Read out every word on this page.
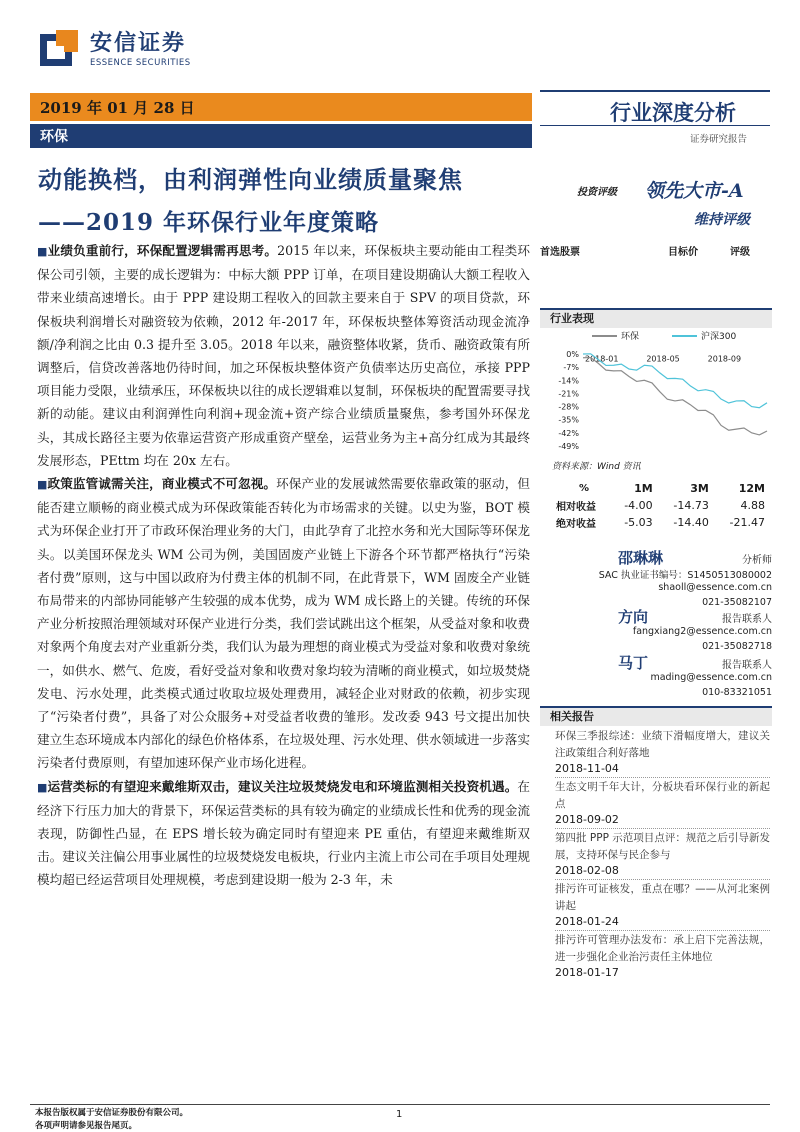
安信证券
ESSENCE SECURITIES
2019 年 01 月 28 日
环保
行业深度分析
证券研究报告
动能换档，由利润弹性向业绩质量聚焦
——2019 年环保行业年度策略
投资评级 领先大市-A
维持评级
首选股票	目标价	评级
行业表现
环保	沪深300
0%
-7%
-14%
-21%
-28%
-35%
-42%
-49%
2018-01	2018-05	2018-09
资料来源：Wind 资讯
%	1M	3M	12M
相对收益	-4.00	-14.73	4.88
绝对收益	-5.03	-14.40	-21.47
邵琳琳	分析师
SAC 执业证书编号：S1450513080002
shaoll@essence.com.cn
021-35082107
方向	报告联系人
fangxiang2@essence.com.cn
021-35082718
马丁	报告联系人
mading@essence.com.cn
010-83321051
相关报告
环保三季报综述：业绩下滑幅度增大，建议关注政策组合利好落地
2018-11-04
生态文明千年大计，分板块看环保行业的新起点
2018-09-02
第四批 PPP 示范项目点评：规范之后引导新发展，支持环保与民企参与
2018-02-08
排污许可证核发，重点在哪？——从河北案例讲起
2018-01-24
排污许可管理办法发布：承上启下完善法规，进一步强化企业治污责任主体地位
2018-01-17

■业绩负重前行，环保配置逻辑需再思考。2015 年以来，环保板块主要动能由工程类环保公司引领，主要的成长逻辑为：中标大额 PPP 订单，在项目建设期确认大额工程收入带来业绩高速增长。由于 PPP 建设期工程收入的回款主要来自于 SPV 的项目贷款，环保板块利润增长对融资较为依赖，2012 年-2017 年，环保板块整体筹资活动现金流净额/净利润之比由 0.3 提升至 3.05。2018 年以来，融资整体收紧，货币、融资政策有所调整后，信贷改善落地仍待时间，加之环保板块整体资产负债率达历史高位，承接 PPP 项目能力受限，业绩承压，环保板块以往的成长逻辑难以复制，环保板块的配置需要寻找新的动能。建议由利润弹性向利润+现金流+资产综合业绩质量聚焦，参考国外环保龙头，其成长路径主要为依靠运营资产形成重资产壁垒，运营业务为主+高分红成为其最终发展形态，PEttm 均在 20x 左右。

■政策监管诚需关注，商业模式不可忽视。环保产业的发展诚然需要依靠政策的驱动，但能否建立顺畅的商业模式成为环保政策能否转化为市场需求的关键。以史为鉴，BOT 模式为环保企业打开了市政环保治理业务的大门，由此孕育了北控水务和光大国际等环保龙头。以美国环保龙头 WM 公司为例，美国固废产业链上下游各个环节都严格执行“污染者付费”原则，这与中国以政府为付费主体的机制不同，在此背景下，WM 固废全产业链布局带来的内部协同能够产生较强的成本优势，成为 WM 成长路上的关键。传统的环保产业分析按照治理领域对环保产业进行分类，我们尝试跳出这个框架，从受益对象和收费对象两个角度去对产业重新分类，我们认为最为理想的商业模式为受益对象和收费对象统一，如供水、燃气、危废，看好受益对象和收费对象均较为清晰的商业模式，如垃圾焚烧发电、污水处理，此类模式通过收取垃圾处理费用，减轻企业对财政的依赖，初步实现了“污染者付费”，具备了对公众服务+对受益者收费的雏形。发改委 943 号文提出加快建立生态环境成本内部化的绿色价格体系，在垃圾处理、污水处理、供水领域进一步落实污染者付费原则，有望加速环保产业市场化进程。

■运营类标的有望迎来戴维斯双击，建议关注垃圾焚烧发电和环境监测相关投资机遇。在经济下行压力加大的背景下，环保运营类标的具有较为确定的业绩成长性和优秀的现金流表现，防御性凸显，在 EPS 增长较为确定同时有望迎来 PE 重估，有望迎来戴维斯双击。建议关注偏公用事业属性的垃圾焚烧发电板块，行业内主流上市公司在手项目处理规模均超已经运营项目处理规模，考虑到建设期一般为 2-3 年，未

本报告版权属于安信证券股份有限公司。
各项声明请参见报告尾页。
1
